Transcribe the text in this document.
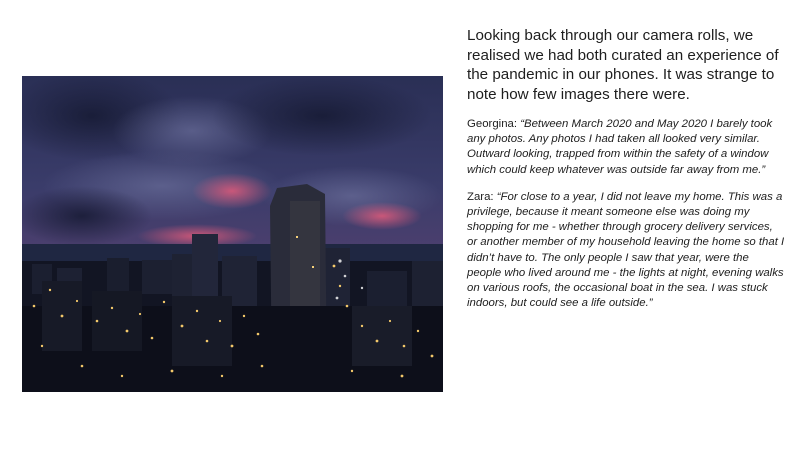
Looking back through our camera rolls, we realised we had both curated an experience of the pandemic in our phones. It was strange to note how few images there were.

Georgina: “Between March 2020 and May 2020 I barely took any photos. Any photos I had taken all looked very similar. Outward looking, trapped from within the safety of a window which could keep whatever was outside far away from me.”

Zara: “For close to a year, I did not leave my home. This was a privilege, because it meant someone else was doing my shopping for me - whether through grocery delivery services, or another member of my household leaving the home so that I didn’t have to. The only people I saw that year, were the people who lived around me - the lights at night, evening walks on various roofs, the occasional boat in the sea. I was stuck indoors, but could see a life outside.”
